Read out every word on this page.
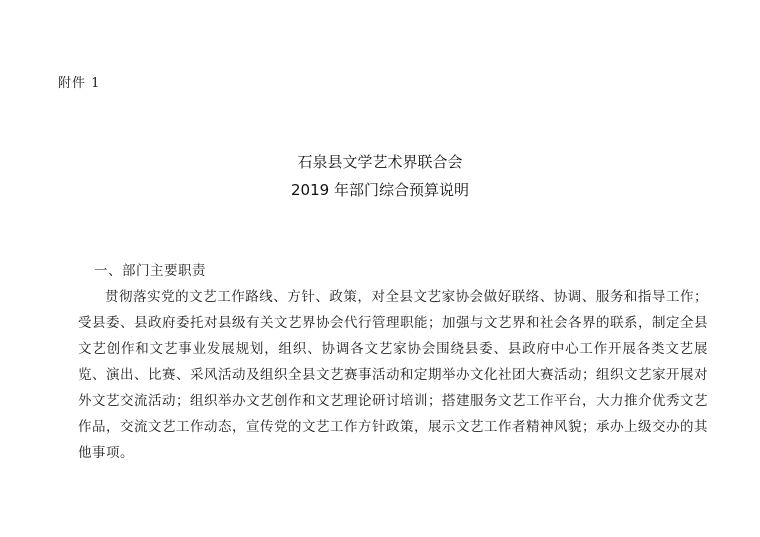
附件 1
石泉县文学艺术界联合会
2019 年部门综合预算说明
一、部门主要职责

贯彻落实党的文艺工作路线、方针、政策，对全县文艺家协会做好联络、协调、服务和指导工作；受县委、县政府委托对县级有关文艺界协会代行管理职能；加强与文艺界和社会各界的联系，制定全县文艺创作和文艺事业发展规划，组织、协调各文艺家协会围绕县委、县政府中心工作开展各类文艺展览、演出、比赛、采风活动及组织全县文艺赛事活动和定期举办文化社团大赛活动；组织文艺家开展对外文艺交流活动；组织举办文艺创作和文艺理论研讨培训；搭建服务文艺工作平台，大力推介优秀文艺作品，交流文艺工作动态，宣传党的文艺工作方针政策，展示文艺工作者精神风貌；承办上级交办的其他事项。
